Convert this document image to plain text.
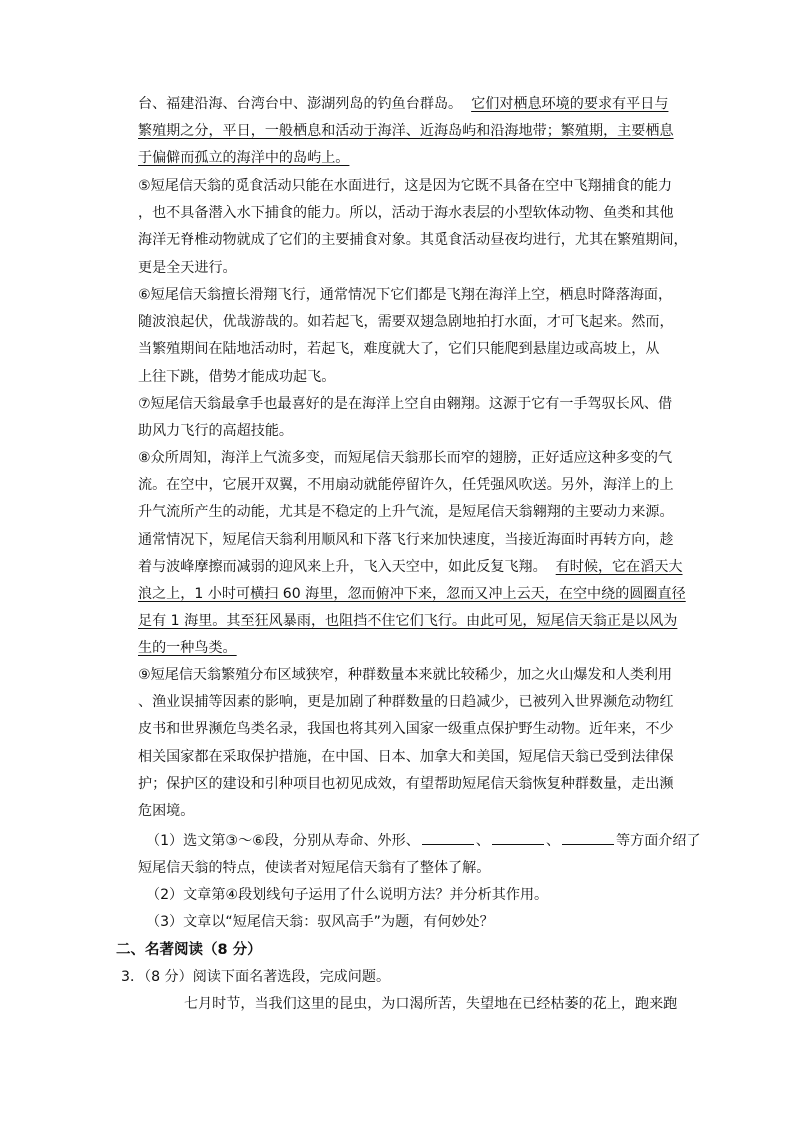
台、福建沿海、台湾台中、澎湖列岛的钓鱼台群岛。 它们对栖息环境的要求有平日与
繁殖期之分，平日，一般栖息和活动于海洋、近海岛屿和沿海地带；繁殖期，主要栖息
于偏僻而孤立的海洋中的岛屿上。
⑤短尾信天翁的觅食活动只能在水面进行，这是因为它既不具备在空中飞翔捕食的能力
，也不具备潜入水下捕食的能力。所以，活动于海水表层的小型软体动物、鱼类和其他
海洋无脊椎动物就成了它们的主要捕食对象。其觅食活动昼夜均进行，尤其在繁殖期间，
更是全天进行。
⑥短尾信天翁擅长滑翔飞行，通常情况下它们都是飞翔在海洋上空，栖息时降落海面，
随波浪起伏，优哉游哉的。如若起飞，需要双翅急剧地拍打水面，才可飞起来。然而，
当繁殖期间在陆地活动时，若起飞，难度就大了，它们只能爬到悬崖边或高坡上，从
上往下跳，借势才能成功起飞。
⑦短尾信天翁最拿手也最喜好的是在海洋上空自由翱翔。这源于它有一手驾驭长风、借
助风力飞行的高超技能。
⑧众所周知，海洋上气流多变，而短尾信天翁那长而窄的翅膀，正好适应这种多变的气
流。在空中，它展开双翼，不用扇动就能停留许久，任凭强风吹送。另外，海洋上的上
升气流所产生的动能，尤其是不稳定的上升气流，是短尾信天翁翱翔的主要动力来源。
通常情况下，短尾信天翁利用顺风和下落飞行来加快速度，当接近海面时再转方向，趁
着与波峰摩擦而减弱的迎风来上升，飞入天空中，如此反复飞翔。 有时候，它在滔天大
浪之上，1 小时可横扫 60 海里，忽而俯冲下来，忽而又冲上云天，在空中绕的圆圈直径
足有 1 海里。其至狂风暴雨，也阻挡不住它们飞行。由此可见，短尾信天翁正是以风为
生的一种鸟类。
⑨短尾信天翁繁殖分布区域狭窄，种群数量本来就比较稀少，加之火山爆发和人类利用
、渔业误捕等因素的影响，更是加剧了种群数量的日趋减少，已被列入世界濒危动物红
皮书和世界濒危鸟类名录，我国也将其列入国家一级重点保护野生动物。近年来，不少
相关国家都在采取保护措施，在中国、日本、加拿大和美国，短尾信天翁已受到法律保
护；保护区的建设和引种项目也初见成效，有望帮助短尾信天翁恢复种群数量，走出濒
危困境。
（1）选文第③～⑥段，分别从寿命、外形、	、	、	等方面介绍了
短尾信天翁的特点，使读者对短尾信天翁有了整体了解。
（2）文章第④段划线句子运用了什么说明方法？并分析其作用。
（3）文章以“短尾信天翁：驭风高手”为题，有何妙处？
二、名著阅读（8 分）
3．（8 分）阅读下面名著选段，完成问题。
七月时节，当我们这里的昆虫，为口渴所苦，失望地在已经枯萎的花上，跑来跑
